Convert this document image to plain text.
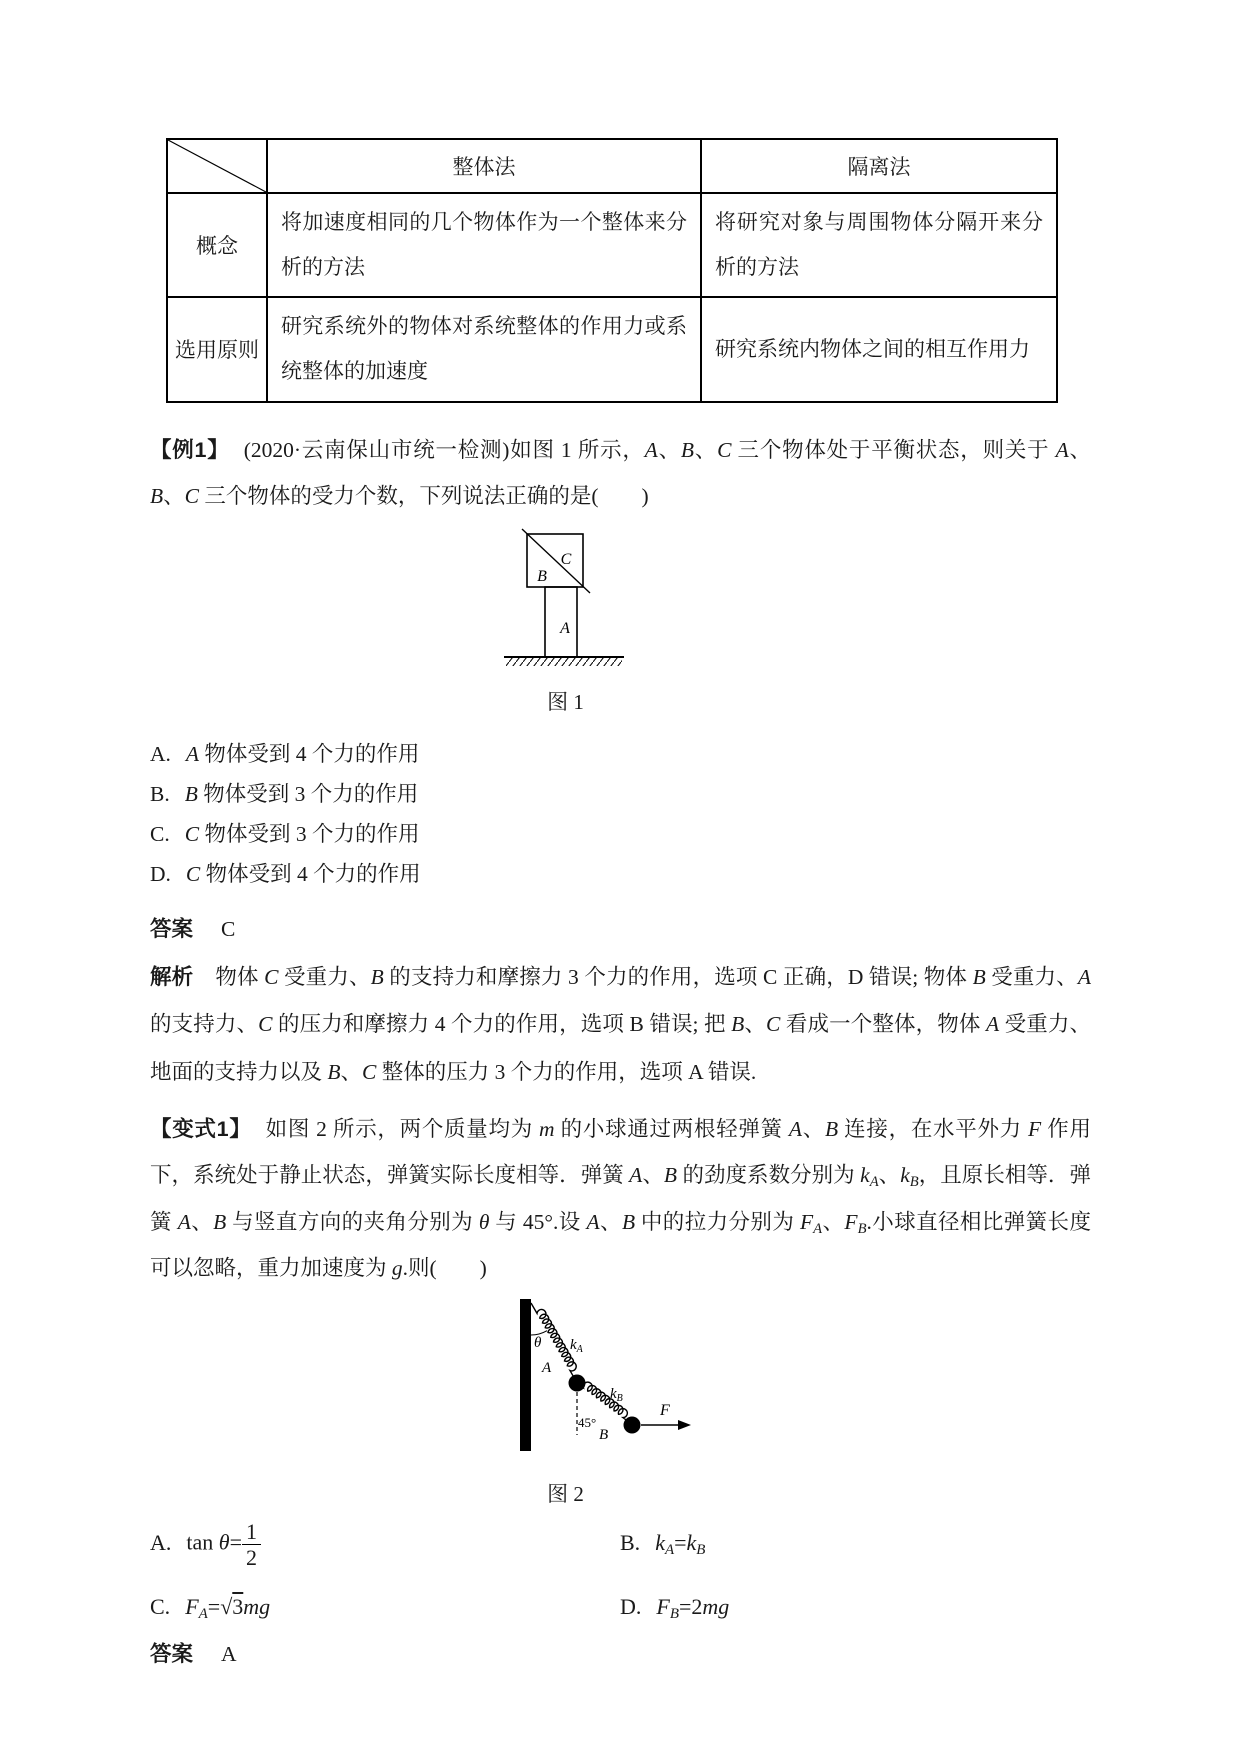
	整体法	隔离法
概念	将加速度相同的几个物体作为一个整体来分析的方法	将研究对象与周围物体分隔开来分析的方法
选用原则	研究系统外的物体对系统整体的作用力或系统整体的加速度	研究系统内物体之间的相互作用力

【例1】 (2020·云南保山市统一检测)如图 1 所示，A、B、C 三个物体处于平衡状态，则关于 A、B、C 三个物体的受力个数，下列说法正确的是(　　)

C
B
A
图 1
A. A 物体受到 4 个力的作用
B. B 物体受到 3 个力的作用
C. C 物体受到 3 个力的作用
D. C 物体受到 4 个力的作用
答案 C

解析 物体 C 受重力、B 的支持力和摩擦力 3 个力的作用，选项 C 正确，D 错误; 物体 B 受重力、A 的支持力、C 的压力和摩擦力 4 个力的作用，选项 B 错误; 把 B、C 看成一个整体，物体 A 受重力、地面的支持力以及 B、C 整体的压力 3 个力的作用，选项 A 错误.

【变式1】 如图 2 所示，两个质量均为 m 的小球通过两根轻弹簧 A、B 连接，在水平外力 F 作用下，系统处于静止状态，弹簧实际长度相等．弹簧 A、B 的劲度系数分别为 $k_A$、$k_B$，且原长相等．弹簧 A、B 与竖直方向的夹角分别为 θ 与 45°.设 A、B 中的拉力分别为 $F_A$、$F_B$.小球直径相比弹簧长度可以忽略，重力加速度为 g.则(　　)

θ $k_A$
A
45°
$k_B$
B
F
图 2
A. $\tan \theta= \frac{1}{2}$	B. $k_A=k_B$
C. $F_A=√3mg$	D. $F_B=2mg$
答案 A
